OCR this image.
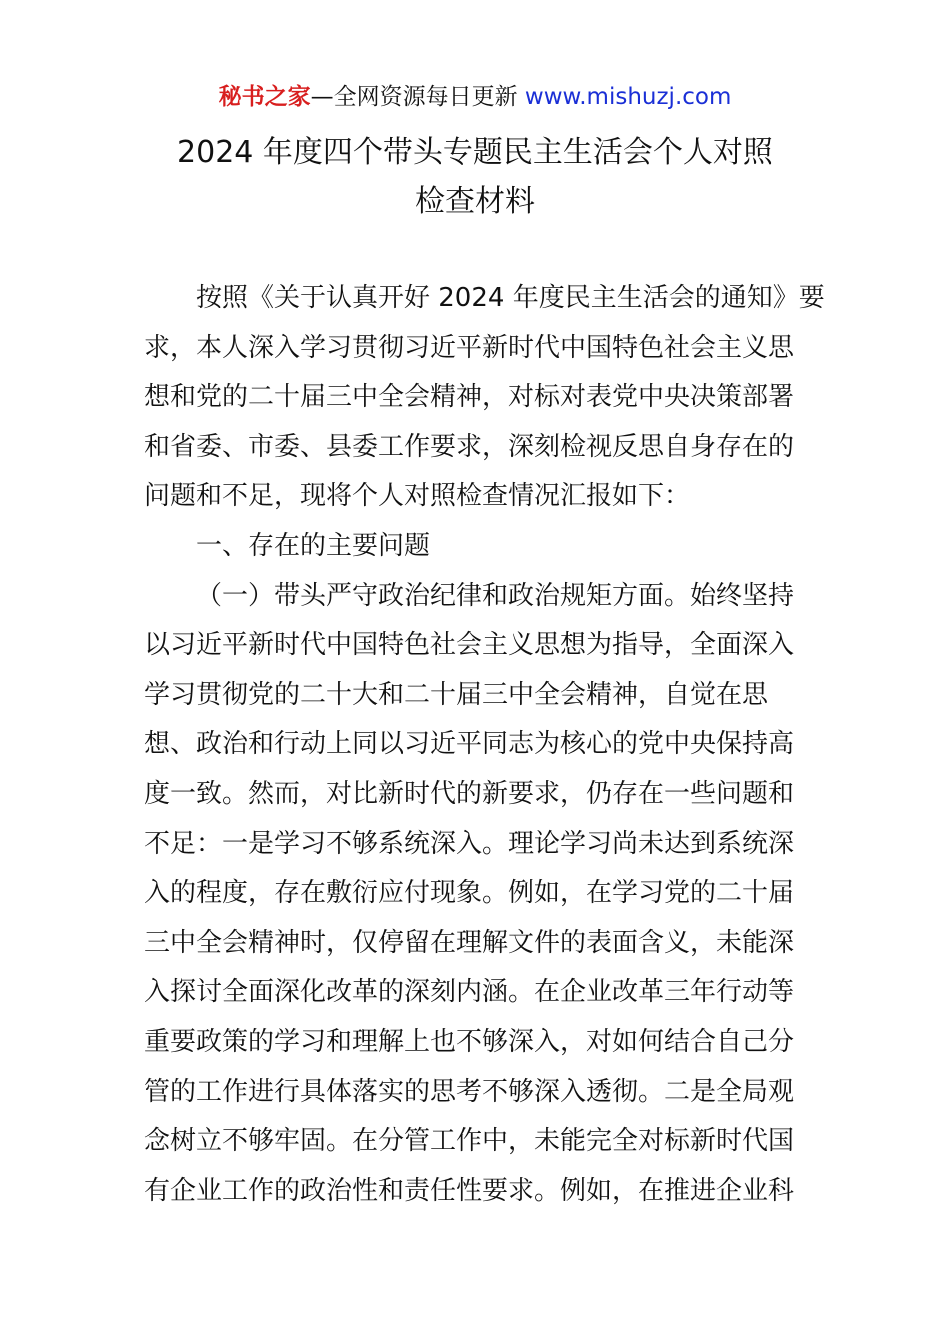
秘书之家—全网资源每日更新 www.mishuzj.com
2024 年度四个带头专题民主生活会个人对照
检查材料
按照《关于认真开好 2024 年度民主生活会的通知》要
求，本人深入学习贯彻习近平新时代中国特色社会主义思
想和党的二十届三中全会精神，对标对表党中央决策部署
和省委、市委、县委工作要求，深刻检视反思自身存在的
问题和不足，现将个人对照检查情况汇报如下：
一、存在的主要问题
（一）带头严守政治纪律和政治规矩方面。始终坚持
以习近平新时代中国特色社会主义思想为指导，全面深入
学习贯彻党的二十大和二十届三中全会精神，自觉在思
想、政治和行动上同以习近平同志为核心的党中央保持高
度一致。然而，对比新时代的新要求，仍存在一些问题和
不足：一是学习不够系统深入。理论学习尚未达到系统深
入的程度，存在敷衍应付现象。例如，在学习党的二十届
三中全会精神时，仅停留在理解文件的表面含义，未能深
入探讨全面深化改革的深刻内涵。在企业改革三年行动等
重要政策的学习和理解上也不够深入，对如何结合自己分
管的工作进行具体落实的思考不够深入透彻。二是全局观
念树立不够牢固。在分管工作中，未能完全对标新时代国
有企业工作的政治性和责任性要求。例如，在推进企业科
